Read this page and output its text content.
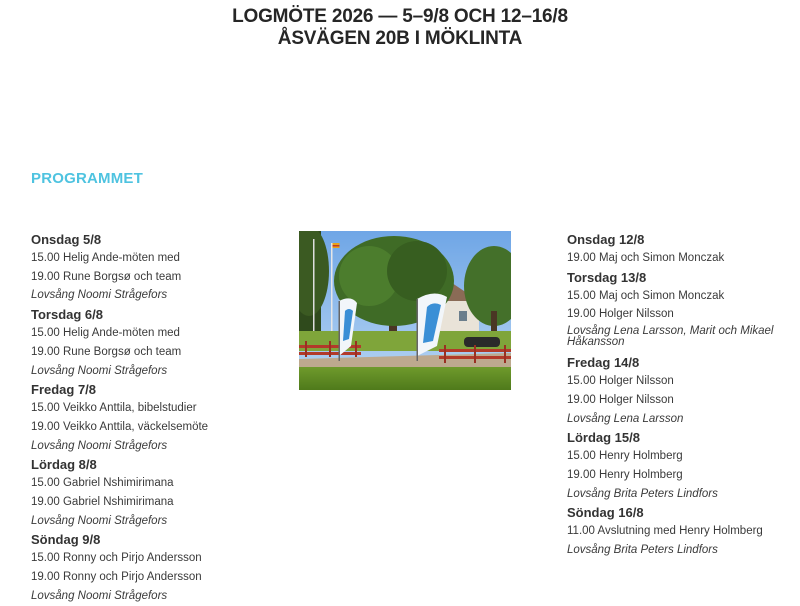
LOGMÖTE 2026 — 5–9/8 OCH 12–16/8
ÅSVÄGEN 20B I MÖKLINTA
PROGRAMMET
Onsdag 5/8
15.00 Helig Ande-möten med
19.00 Rune Borgsø och team
Lovsång Noomi Strågefors
Torsdag 6/8
15.00 Helig Ande-möten med
19.00 Rune Borgsø och team
Lovsång Noomi Strågefors
Fredag 7/8
15.00 Veikko Anttila, bibelstudier
19.00 Veikko Anttila, väckelsemöte
Lovsång Noomi Strågefors
Lördag 8/8
15.00 Gabriel Nshimirimana
19.00 Gabriel Nshimirimana
Lovsång Noomi Strågefors
Söndag 9/8
15.00 Ronny och Pirjo Andersson
19.00 Ronny och Pirjo Andersson
Lovsång Noomi Strågefors
Onsdag 12/8
19.00 Maj och Simon Monczak
Torsdag 13/8
15.00 Maj och Simon Monczak
19.00 Holger Nilsson
Lovsång Lena Larsson, Marit och Mikael Håkansson
Fredag 14/8
15.00 Holger Nilsson
19.00 Holger Nilsson
Lovsång Lena Larsson
Lördag 15/8
15.00 Henry Holmberg
19.00 Henry Holmberg
Lovsång Brita Peters Lindfors
Söndag 16/8
11.00 Avslutning med Henry Holmberg
Lovsång Brita Peters Lindfors
